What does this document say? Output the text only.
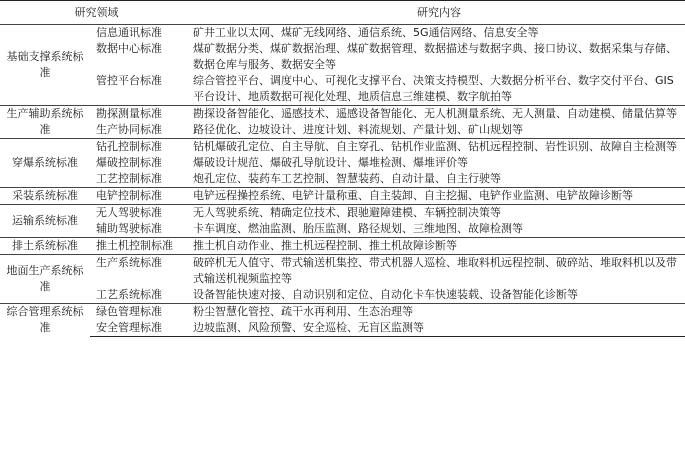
研究领域		研究内容
基础支撑系统标准	信息通讯标准	矿井工业以太网、煤矿无线网络、通信系统、5G通信网络、信息安全等
	数据中心标准	煤矿数据分类、煤矿数据治理、煤矿数据管理、数据描述与数据字典、接口协议、数据采集与存储、数据仓库与服务、数据安全等
	管控平台标准	综合管控平台、调度中心、可视化支撑平台、决策支持模型、大数据分析平台、数字交付平台、GIS平台设计、地质数据可视化处理、地质信息三维建模、数字航拍等
生产辅助系统标准	勘探测量标准	勘探设备智能化、遥感技术、遥感设备智能化、无人机测量系统、无人测量、自动建模、储量估算等
	生产协同标准	路径优化、边坡设计、进度计划、料流规划、产量计划、矿山规划等
穿爆系统标准	钻孔控制标准	钻机爆破孔定位、自主导航、自主穿孔、钻机作业监测、钻机远程控制、岩性识别、故障自主检测等
	爆破控制标准	爆破设计规范、爆破孔导航设计、爆堆检测、爆堆评价等
	工艺控制标准	炮孔定位、装药车工艺控制、智慧装药、自动计量、自主行驶等
采装系统标准	电铲控制标准	电铲远程操控系统、电铲计量称重、自主装卸、自主挖掘、电铲作业监测、电铲故障诊断等
运输系统标准	无人驾驶标准	无人驾驶系统、精确定位技术、跟驰避障建模、车辆控制决策等
	辅助驾驶标准	卡车调度、燃油监测、胎压监测、路径规划、三维地图、故障检测等
排土系统标准	推土机控制标准	推土机自动作业、推土机远程控制、推土机故障诊断等
地面生产系统标准	生产系统标准	破碎机无人值守、带式输送机集控、带式机器人巡检、堆取料机远程控制、破碎站、堆取料机以及带式输送机视频监控等
	工艺系统标准	设备智能快速对接、自动识别和定位、自动化卡车快速装载、设备智能化诊断等
综合管理系统标准	绿色管理标准	粉尘智慧化管控、疏干水再利用、生态治理等
	安全管理标准	边坡监测、风险预警、安全巡检、无盲区监测等
